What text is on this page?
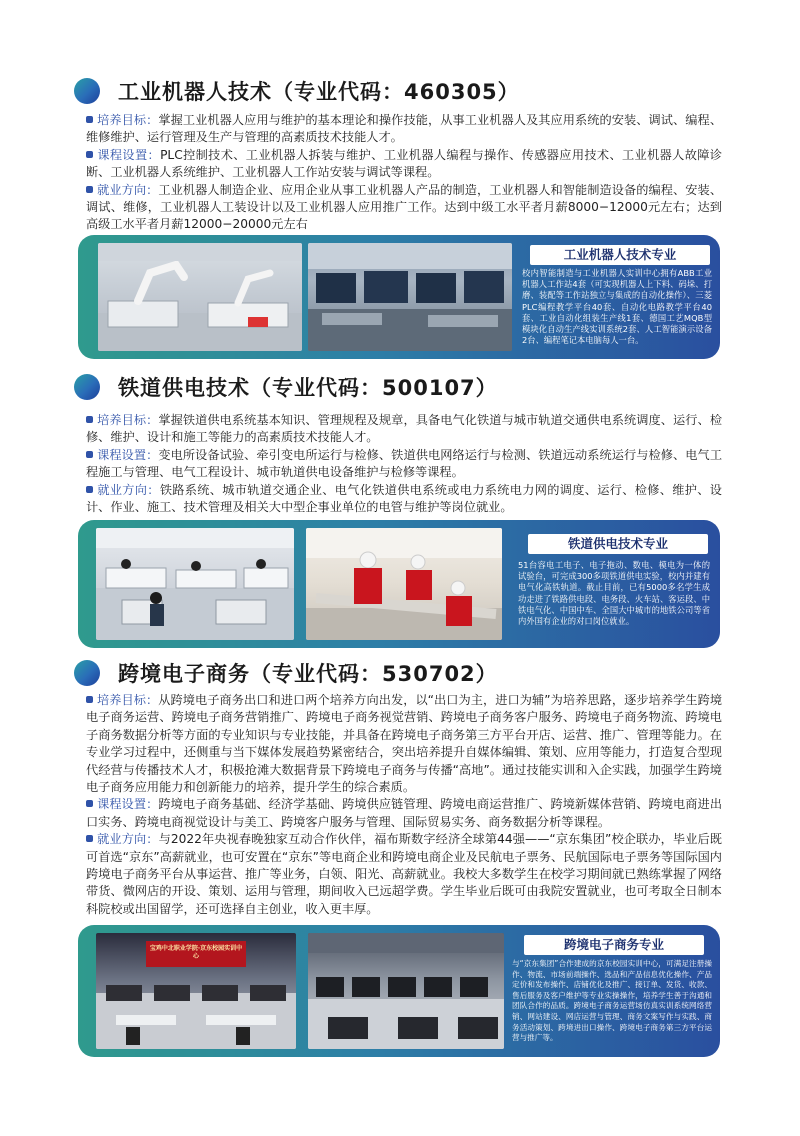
工业机器人技术（专业代码：460305）

培养目标：掌握工业机器人应用与维护的基本理论和操作技能，从事工业机器人及其应用系统的安装、调试、编程、维修维护、运行管理及生产与管理的高素质技术技能人才。

课程设置：PLC控制技术、工业机器人拆装与维护、工业机器人编程与操作、传感器应用技术、工业机器人故障诊断、工业机器人系统维护、工业机器人工作站安装与调试等课程。

就业方向：工业机器人制造企业、应用企业从事工业机器人产品的制造，工业机器人和智能制造设备的编程、安装、调试、维修，工业机器人工装设计以及工业机器人应用推广工作。达到中级工水平者月薪8000−12000元左右；达到高级工水平者月薪12000−20000元左右

工业机器人技术专业
校内智能制造与工业机器人实训中心拥有ABB工业机器人工作站4套（可实现机器人上下料、码垛、打磨、装配等工作站独立与集成的自动化操作）、三菱PLC编程教学平台40套、自动化电路教学平台40套、工业自动化组装生产线1套、德国工艺MQB型模块化自动生产线实训系统2套、人工智能演示设备2台、编程笔记本电脑每人一台。
铁道供电技术（专业代码：500107）

培养目标：掌握铁道供电系统基本知识、管理规程及规章，具备电气化铁道与城市轨道交通供电系统调度、运行、检修、维护、设计和施工等能力的高素质技术技能人才。

课程设置：变电所设备试验、牵引变电所运行与检修、铁道供电网络运行与检测、铁道远动系统运行与检修、电气工程施工与管理、电气工程设计、城市轨道供电设备维护与检修等课程。

就业方向：铁路系统、城市轨道交通企业、电气化铁道供电系统或电力系统电力网的调度、运行、检修、维护、设计、作业、施工、技术管理及相关大中型企事业单位的电管与维护等岗位就业。

铁道供电技术专业
51台容电工电子、电子拖动、数电、模电为一体的试验台，可完成300多项铁道供电实验，校内并建有电气化高铁轨道。截止目前，已有5000多名学生成功走进了铁路供电段、电务段、火车站、客运段、中铁电气化、中国中车、全国大中城市的地铁公司等省内外国有企业的对口岗位就业。
跨境电子商务（专业代码：530702）

培养目标：从跨境电子商务出口和进口两个培养方向出发，以“出口为主，进口为辅”为培养思路，逐步培养学生跨境电子商务运营、跨境电子商务营销推广、跨境电子商务视觉营销、跨境电子商务客户服务、跨境电子商务物流、跨境电子商务数据分析等方面的专业知识与专业技能，并具备在跨境电子商务第三方平台开店、运营、推广、管理等能力。在专业学习过程中，还侧重与当下媒体发展趋势紧密结合，突出培养提升自媒体编辑、策划、应用等能力，打造复合型现代经营与传播技术人才，积极抢滩大数据背景下跨境电子商务与传播“高地”。通过技能实训和入企实践，加强学生跨境电子商务应用能力和创新能力的培养，提升学生的综合素质。

课程设置：跨境电子商务基础、经济学基础、跨境供应链管理、跨境电商运营推广、跨境新媒体营销、跨境电商进出口实务、跨境电商视觉设计与美工、跨境客户服务与管理、国际贸易实务、商务数据分析等课程。

就业方向：与2022年央视春晚独家互动合作伙伴，福布斯数字经济全球第44强——“京东集团”校企联办，毕业后既可首选“京东”高薪就业，也可安置在“京东”等电商企业和跨境电商企业及民航电子票务、民航国际电子票务等国际国内跨境电子商务平台从事运营、推广等业务，白领、阳光、高薪就业。我校大多数学生在校学习期间就已熟练掌握了网络带货、微网店的开设、策划、运用与管理，期间收入已远超学费。学生毕业后既可由我院安置就业，也可考取全日制本科院校或出国留学，还可选择自主创业，收入更丰厚。

宝鸡中北职业学院·京东校园实训中心
跨境电子商务专业
与“京东集团”合作建成的京东校园实训中心，可满足注册操作、物流、市场前端操作、选品和产品信息优化操作、产品定价和发布操作、店铺优化及推广、接订单、发货、收款、售后服务及客户维护等专业实操操作，培养学生善于沟通和团队合作的品质。跨境电子商务运营场仿真实训系统网络营销、网站建设、网店运营与管理、商务文案写作与实践、商务活动策划、跨境进出口操作、跨境电子商务第三方平台运营与推广等。
